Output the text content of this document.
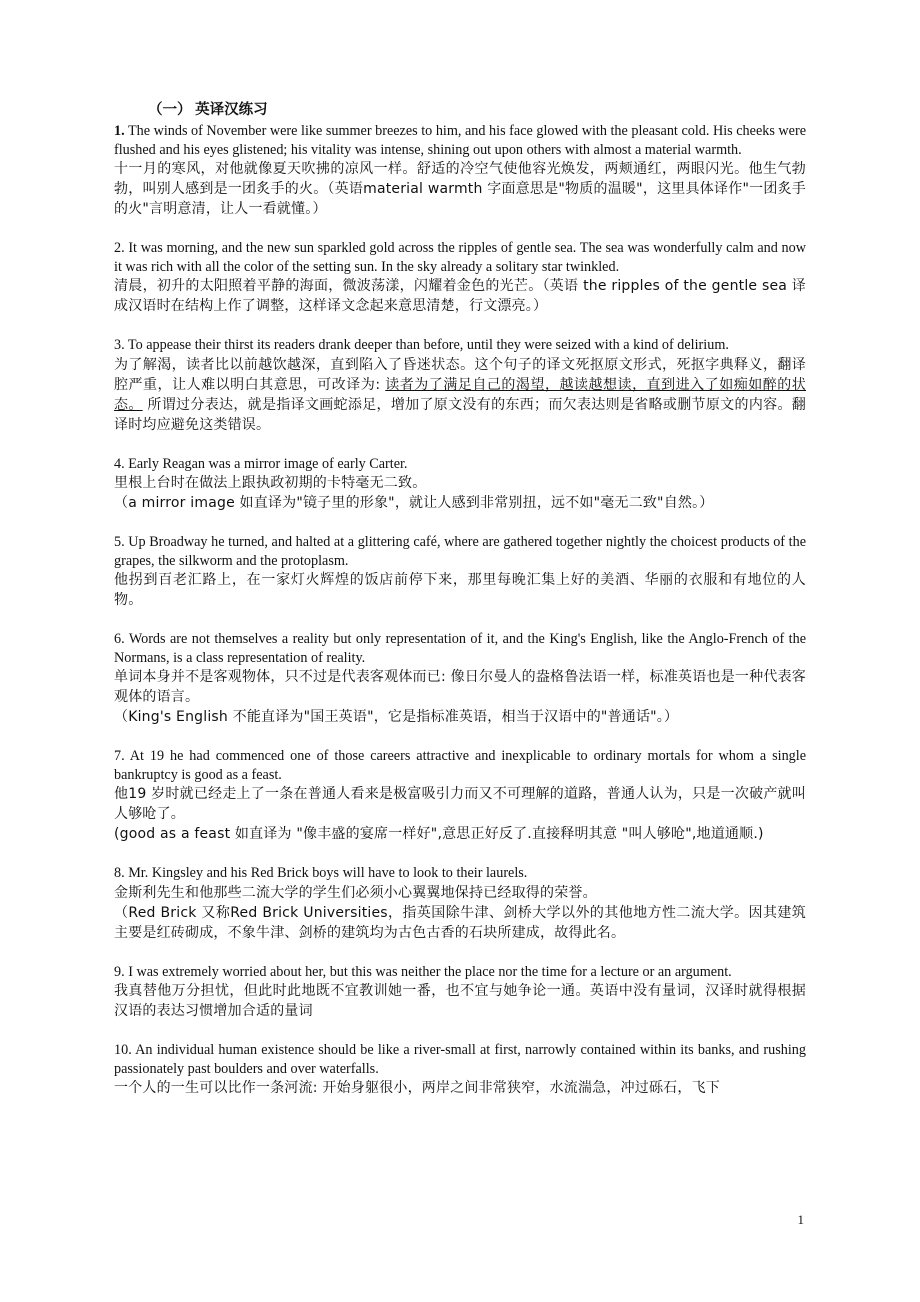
（一） 英译汉练习

1. The winds of November were like summer breezes to him, and his face glowed with the pleasant cold. His cheeks were flushed and his eyes glistened; his vitality was intense, shining out upon others with almost a material warmth.

十一月的寒风，对他就像夏天吹拂的凉风一样。舒适的冷空气使他容光焕发，两颊通红，两眼闪光。他生气勃勃，叫别人感到是一团炙手的火。（英语material warmth 字面意思是"物质的温暖"，这里具体译作"一团炙手的火"言明意清，让人一看就懂。）

2. It was morning, and the new sun sparkled gold across the ripples of gentle sea. The sea was wonderfully calm and now it was rich with all the color of the setting sun. In the sky already a solitary star twinkled.

清晨，初升的太阳照着平静的海面，微波荡漾，闪耀着金色的光芒。（英语 the ripples of the gentle sea 译成汉语时在结构上作了调整，这样译文念起来意思清楚，行文漂亮。）

3. To appease their thirst its readers drank deeper than before, until they were seized with a kind of delirium.

为了解渴，读者比以前越饮越深，直到陷入了昏迷状态。这个句子的译文死抠原文形式，死抠字典释义，翻译腔严重，让人难以明白其意思，可改译为: 读者为了满足自己的渴望，越读越想读，直到进入了如痴如醉的状态。 所谓过分表达，就是指译文画蛇添足，增加了原文没有的东西；而欠表达则是省略或删节原文的内容。翻译时均应避免这类错误。

4. Early Reagan was a mirror image of early Carter.

里根上台时在做法上跟执政初期的卡特毫无二致。

（a mirror image 如直译为"镜子里的形象"，就让人感到非常别扭，远不如"毫无二致"自然。）

5. Up Broadway he turned, and halted at a glittering café, where are gathered together nightly the choicest products of the grapes, the silkworm and the protoplasm.

他拐到百老汇路上，在一家灯火辉煌的饭店前停下来，那里每晚汇集上好的美酒、华丽的衣服和有地位的人物。

6. Words are not themselves a reality but only representation of it, and the King's English, like the Anglo-French of the Normans, is a class representation of reality.

单词本身并不是客观物体，只不过是代表客观体而已: 像日尔曼人的盎格鲁法语一样，标准英语也是一种代表客观体的语言。

（King's English 不能直译为"国王英语"，它是指标准英语，相当于汉语中的"普通话"。）

7. At 19 he had commenced one of those careers attractive and inexplicable to ordinary mortals for whom a single bankruptcy is good as a feast.

他19 岁时就已经走上了一条在普通人看来是极富吸引力而又不可理解的道路，普通人认为，只是一次破产就叫人够呛了。

(good as a feast 如直译为 "像丰盛的宴席一样好",意思正好反了.直接释明其意 "叫人够呛",地道通顺.)

8. Mr. Kingsley and his Red Brick boys will have to look to their laurels.

金斯利先生和他那些二流大学的学生们必须小心翼翼地保持已经取得的荣誉。

（Red Brick 又称Red Brick Universities，指英国除牛津、剑桥大学以外的其他地方性二流大学。因其建筑主要是红砖砌成，不象牛津、剑桥的建筑均为古色古香的石块所建成，故得此名。

9. I was extremely worried about her, but this was neither the place nor the time for a lecture or an argument.

我真替他万分担忧，但此时此地既不宜教训她一番，也不宜与她争论一通。英语中没有量词，汉译时就得根据汉语的表达习惯增加合适的量词

10. An individual human existence should be like a river-small at first, narrowly contained within its banks, and rushing passionately past boulders and over waterfalls.

一个人的一生可以比作一条河流: 开始身躯很小，两岸之间非常狭窄，水流湍急，冲过砾石，飞下

1
